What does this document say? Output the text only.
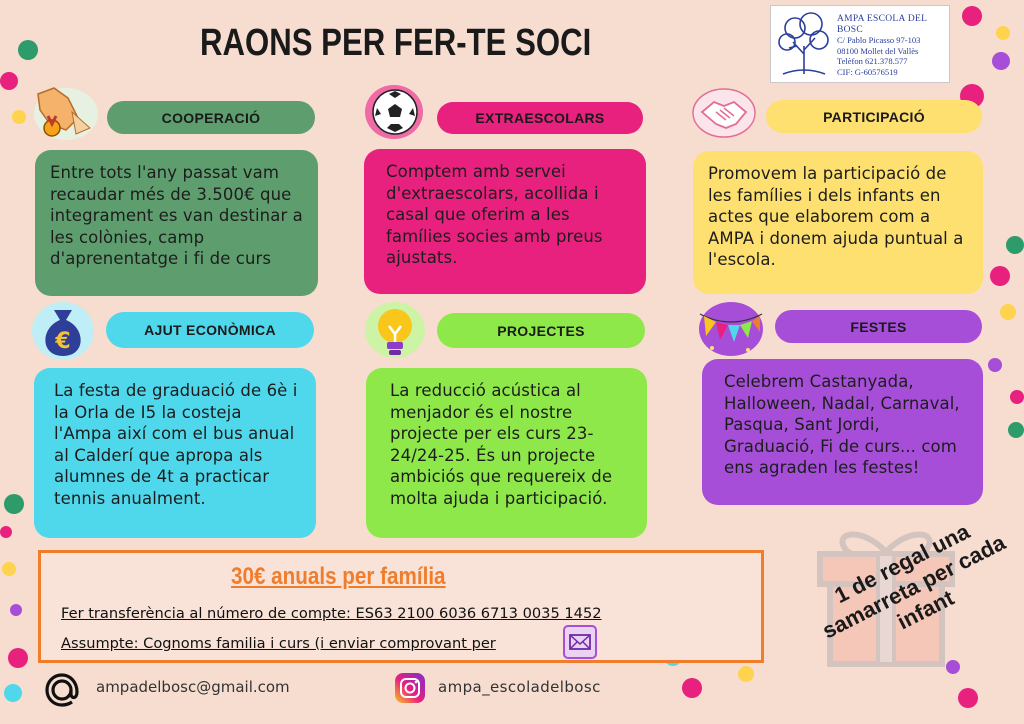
RAONS PER FER-TE SOCI
AMPA ESCOLA DEL BOSC
C/ Pablo Picasso 97-103
08100 Mollet del Vallès
Telèfon 621.378.577
CIF: G-60576519
COOPERACIÓ
Entre tots l'any passat vam recaudar més de 3.500€ que integrament es van destinar a les colònies, camp d'aprenentatge i fi de curs
EXTRAESCOLARS
Comptem amb servei d'extraescolars, acollida i casal que oferim a les famílies socies amb preus ajustats.
PARTICIPACIÓ
Promovem la participació de les famílies i dels infants en actes que elaborem com a AMPA i donem ajuda puntual a l'escola.
€	AJUT ECONÒMICA
La festa de graduació de 6è i la Orla de I5 la costeja l'Ampa així com el bus anual al Calderí que apropa als alumnes de 4t a practicar tennis anualment.
PROJECTES
La reducció acústica al menjador és el nostre projecte per els curs 23-24/24-25. És un projecte ambiciós que requereix de molta ajuda i participació.
FESTES
Celebrem Castanyada, Halloween, Nadal, Carnaval, Pasqua, Sant Jordi, Graduació, Fi de curs... com ens agraden les festes!
1 de regal una samarreta per cada infant
30€ anuals per família
Fer transferència al número de compte: ES63 2100 6036 6713 0035 1452
Assumpte: Cognoms familia i curs (i enviar comprovant per
ampadelbosc@gmail.com	ampa_escoladelbosc
